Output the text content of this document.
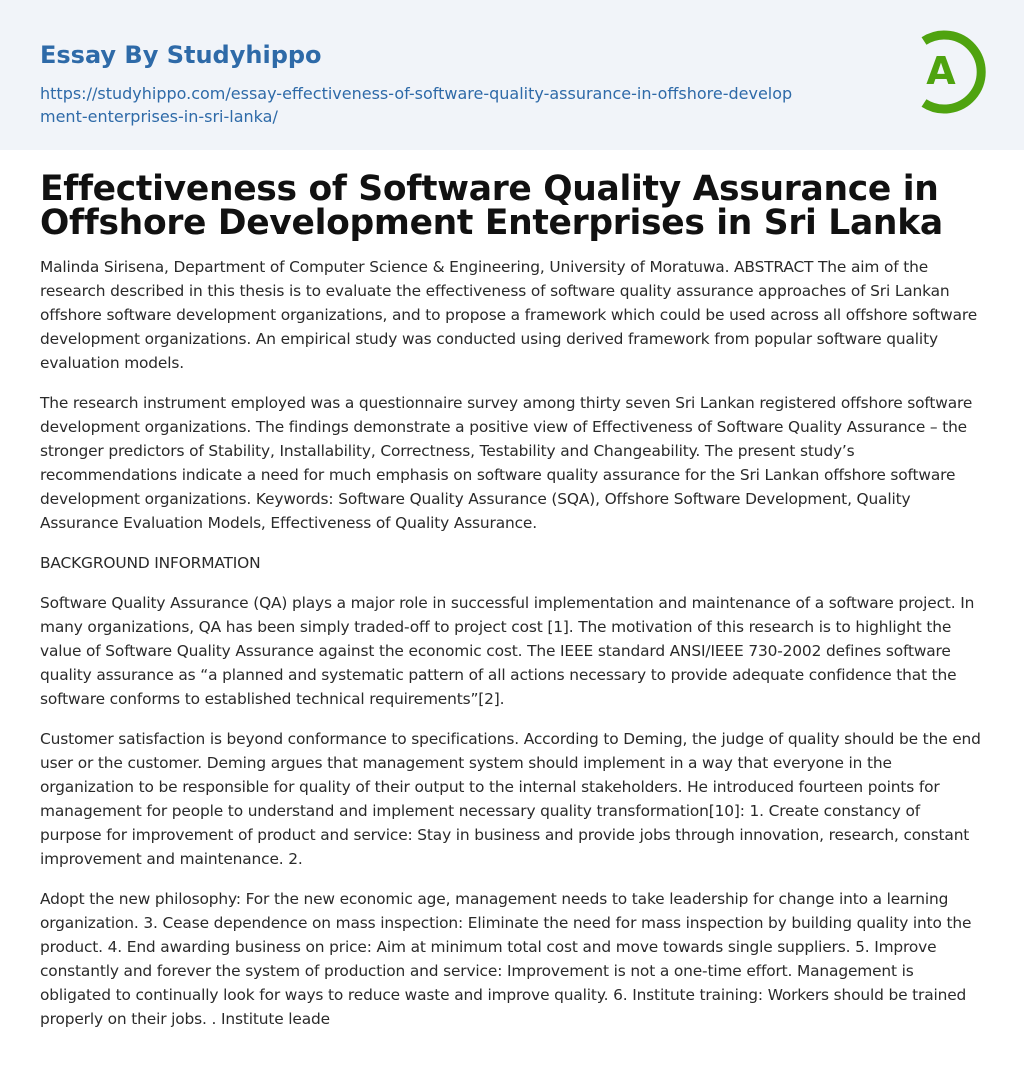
Essay By Studyhippo
https://studyhippo.com/essay-effectiveness-of-software-quality-assurance-in-offshore-development-enterprises-in-sri-lanka/
A
Effectiveness of Software Quality Assurance in Offshore Development Enterprises in Sri Lanka

Malinda Sirisena, Department of Computer Science & Engineering, University of Moratuwa. ABSTRACT The aim of the research described in this thesis is to evaluate the effectiveness of software quality assurance approaches of Sri Lankan offshore software development organizations, and to propose a framework which could be used across all offshore software development organizations. An empirical study was conducted using derived framework from popular software quality evaluation models.

The research instrument employed was a questionnaire survey among thirty seven Sri Lankan registered offshore software development organizations. The findings demonstrate a positive view of Effectiveness of Software Quality Assurance – the stronger predictors of Stability, Installability, Correctness, Testability and Changeability. The present study’s recommendations indicate a need for much emphasis on software quality assurance for the Sri Lankan offshore software development organizations. Keywords: Software Quality Assurance (SQA), Offshore Software Development, Quality Assurance Evaluation Models, Effectiveness of Quality Assurance.

BACKGROUND INFORMATION

Software Quality Assurance (QA) plays a major role in successful implementation and maintenance of a software project. In many organizations, QA has been simply traded-off to project cost [1]. The motivation of this research is to highlight the value of Software Quality Assurance against the economic cost. The IEEE standard ANSI/IEEE 730-2002 defines software quality assurance as “a planned and systematic pattern of all actions necessary to provide adequate confidence that the software conforms to established technical requirements”[2].

Customer satisfaction is beyond conformance to specifications. According to Deming, the judge of quality should be the end user or the customer. Deming argues that management system should implement in a way that everyone in the organization to be responsible for quality of their output to the internal stakeholders. He introduced fourteen points for management for people to understand and implement necessary quality transformation[10]: 1. Create constancy of purpose for improvement of product and service: Stay in business and provide jobs through innovation, research, constant improvement and maintenance. 2.

Adopt the new philosophy: For the new economic age, management needs to take leadership for change into a learning organization. 3. Cease dependence on mass inspection: Eliminate the need for mass inspection by building quality into the product. 4. End awarding business on price: Aim at minimum total cost and move towards single suppliers. 5. Improve constantly and forever the system of production and service: Improvement is not a one-time effort. Management is obligated to continually look for ways to reduce waste and improve quality. 6. Institute training: Workers should be trained properly on their jobs. . Institute leade
